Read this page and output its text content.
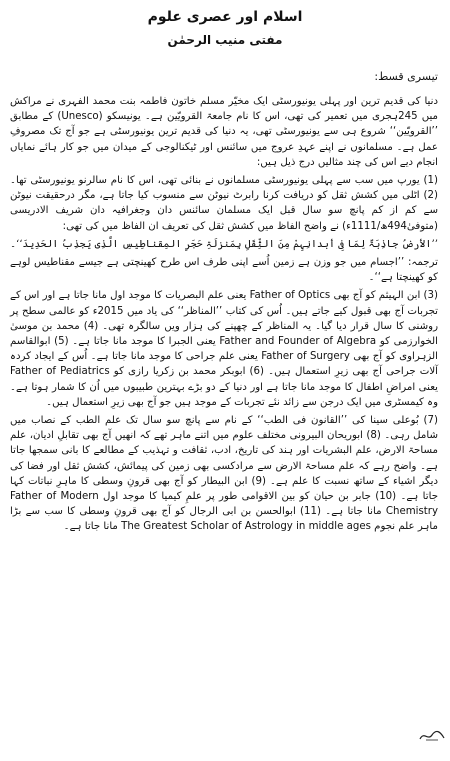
اسلام اور عصری علوم
مفتی منیب الرحمٰن
تیسری قسط:

دنیا کی قدیم ترین اور پہلی یونیورسٹی ایک مخیّر مسلم خاتون فاطمہ بنت محمد الفہری نے مراکش میں 245ہجری میں تعمیر کی تھی، اس کا نام جامعۃ القرویّین ہے۔ یونیسکو (Unesco) کے مطابق ’’القرویّین‘‘ شروع ہی سے یونیورسٹی تھی، یہ دنیا کی قدیم ترین یونیورسٹی ہے جو آج تک مصروفِ عمل ہے۔ مسلمانوں نے اپنے عہدِ عروج میں سائنس اور ٹیکنالوجی کے میدان میں جو کار ہائے نمایاں انجام دیے اس کی چند مثالیں درج ذیل ہیں:

(1) یورپ میں سب سے پہلی یونیورسٹی مسلمانوں نے بنائی تھی، اس کا نام سالرنو یونیورسٹی تھا۔ (2) اٹلی میں کشش ثقل کو دریافت کرنا رابرٹ نیوٹن سے منسوب کیا جاتا ہے، مگر درحقیقت نیوٹن سے کم از کم پانچ سو سال قبل ایک مسلمان سائنس دان وجغرافیہ دان شریف الادریسی (متوفیٰ494ھ/1111ء) نے واضح الفاظ میں کشش ثقل کی تعریف ان الفاظ میں کی تھی:

’’الأرضُ جاذِبَۃٌ لِمَا فِی أبدانِہِمْ مِنَ الثِّقَلِ بِمَنزلَۃِ حَجَرِ المِقناطِیسِ الَّذِی یَجذِبُ الحَدِیدَ‘‘۔

ترجمہ: ’’اجسام میں جو وزن ہے زمین اُسے اپنی طرف اس طرح کھینچتی ہے جیسے مقناطیس لوہے کو کھینچتا ہے‘‘۔

(3) ابن الہیثم کو آج بھی Father of Optics یعنی علم البصریات کا موجد اول مانا جاتا ہے اور اس کے تجربات آج بھی قبول کیے جاتے ہیں۔ اُس کی کتاب ’’المناظر‘‘ کی یاد میں 2015ء کو عالمی سطح پر روشنی کا سال قرار دیا گیا۔ یہ المناظر کے چھپنے کی ہزار ویں سالگرہ تھی۔ (4) محمد بن موسیٰ الخوارزمی کو Father and Founder of Algebra یعنی الجبرا کا موجد مانا جاتا ہے۔ (5) ابوالقاسم الزہراوی کو آج بھی Father of Surgery یعنی علم جراحی کا موجد مانا جاتا ہے۔ اُس کے ایجاد کردہ آلات جراحی آج بھی زیرِ استعمال ہیں۔ (6) ابوبکر محمد بن زکریا رازی کو Father of Pediatrics یعنی امراضِ اطفال کا موجد مانا جاتا ہے اور دنیا کے دو بڑے بہترین طبیبوں میں اُن کا شمار ہوتا ہے۔ وہ کیمسٹری میں ایک درجن سے زائد نئے تجربات کے موجد ہیں جو آج بھی زیرِ استعمال ہیں۔

(7) بُوعلی سینا کی ’’القانون فی الطب‘‘ کے نام سے پانچ سو سال تک علم الطب کے نصاب میں شامل رہی۔ (8) ابوریحان البیرونی مختلف علوم میں اتنے ماہر تھے کہ انھیں آج بھی تقابلِ ادیان، علم مساحۃ الارض، علم البشریات اور ہند کی تاریخ، ادب، ثقافت و تہذیب کے مطالعے کا بانی سمجھا جاتا ہے۔ واضح رہے کہ علم مساحۃ الارض سے مرادکسی بھی زمین کی پیمائش، کشش ثقل اور فضا کی دیگر اشیاء کے ساتھ نسبت کا علم ہے۔ (9) ابن البیطار کو آج بھی قرونِ وسطی کا ماہرِ نباتات کہا جاتا ہے۔ (10) جابر بن حیان کو بین الاقوامی طور پر علمِ کیمیا کا موجد اول Father of Modern Chemistry مانا جاتا ہے۔ (11) ابوالحسن بن ابی الرجال کو آج بھی قرونِ وسطی کا سب سے بڑا ماہر علم نجوم The Greatest Scholar of Astrology in middle ages مانا جاتا ہے۔
